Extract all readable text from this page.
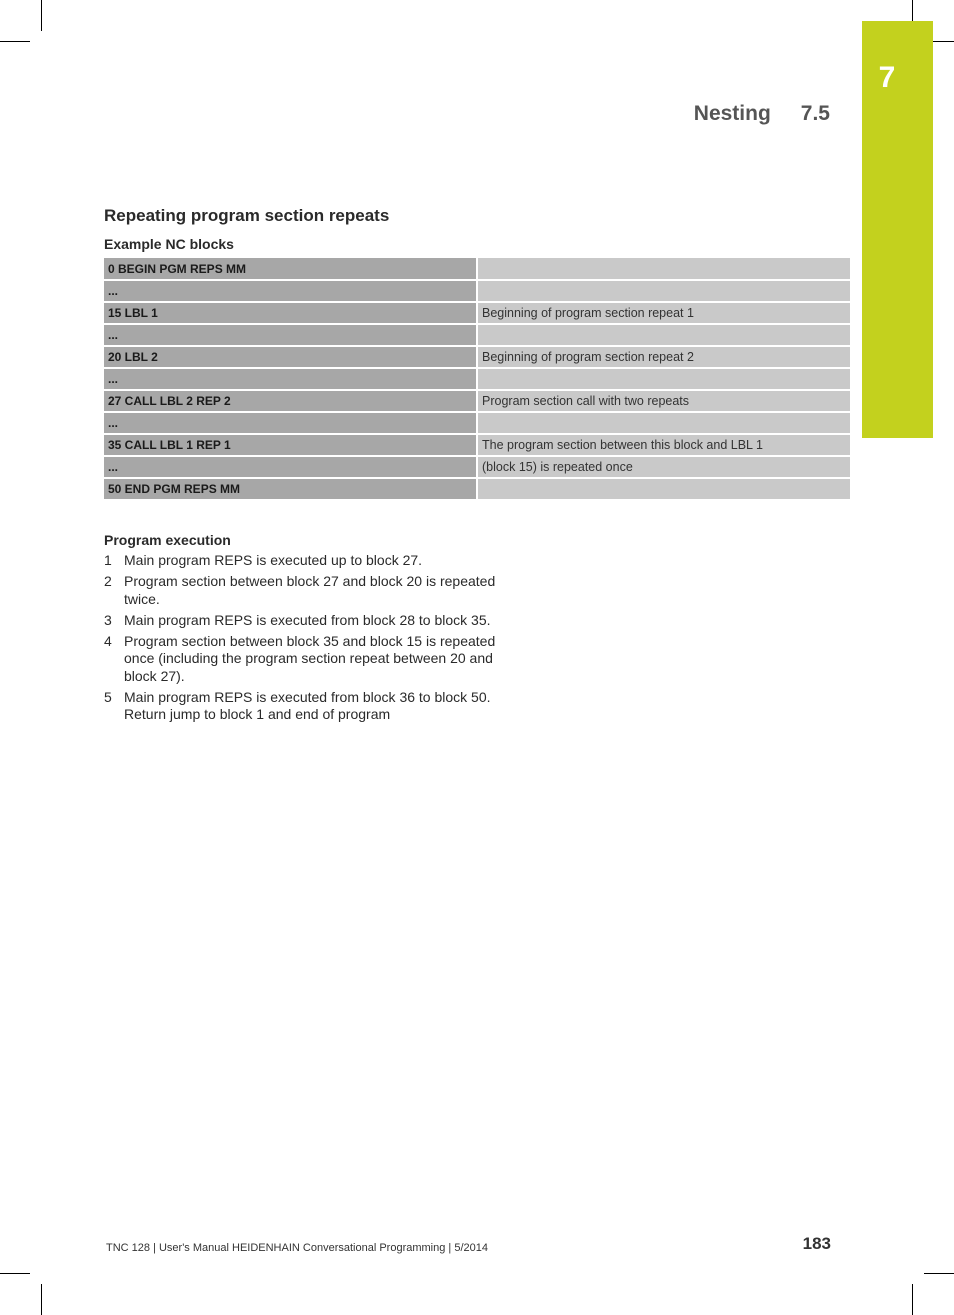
7
Nesting 7.5
Repeating program section repeats
Example NC blocks
0 BEGIN PGM REPS MM	
...	
15 LBL 1	Beginning of program section repeat 1
...	
20 LBL 2	Beginning of program section repeat 2
...	
27 CALL LBL 2 REP 2	Program section call with two repeats
...	
35 CALL LBL 1 REP 1	The program section between this block and LBL 1
...	(block 15) is repeated once
50 END PGM REPS MM	
Program execution
1 Main program REPS is executed up to block 27.
2 Program section between block 27 and block 20 is repeated twice.
3 Main program REPS is executed from block 28 to block 35.
4 Program section between block 35 and block 15 is repeated once (including the program section repeat between 20 and block 27).
5 Main program REPS is executed from block 36 to block 50. Return jump to block 1 and end of program
TNC 128 | User's Manual HEIDENHAIN Conversational Programming | 5/2014	183
